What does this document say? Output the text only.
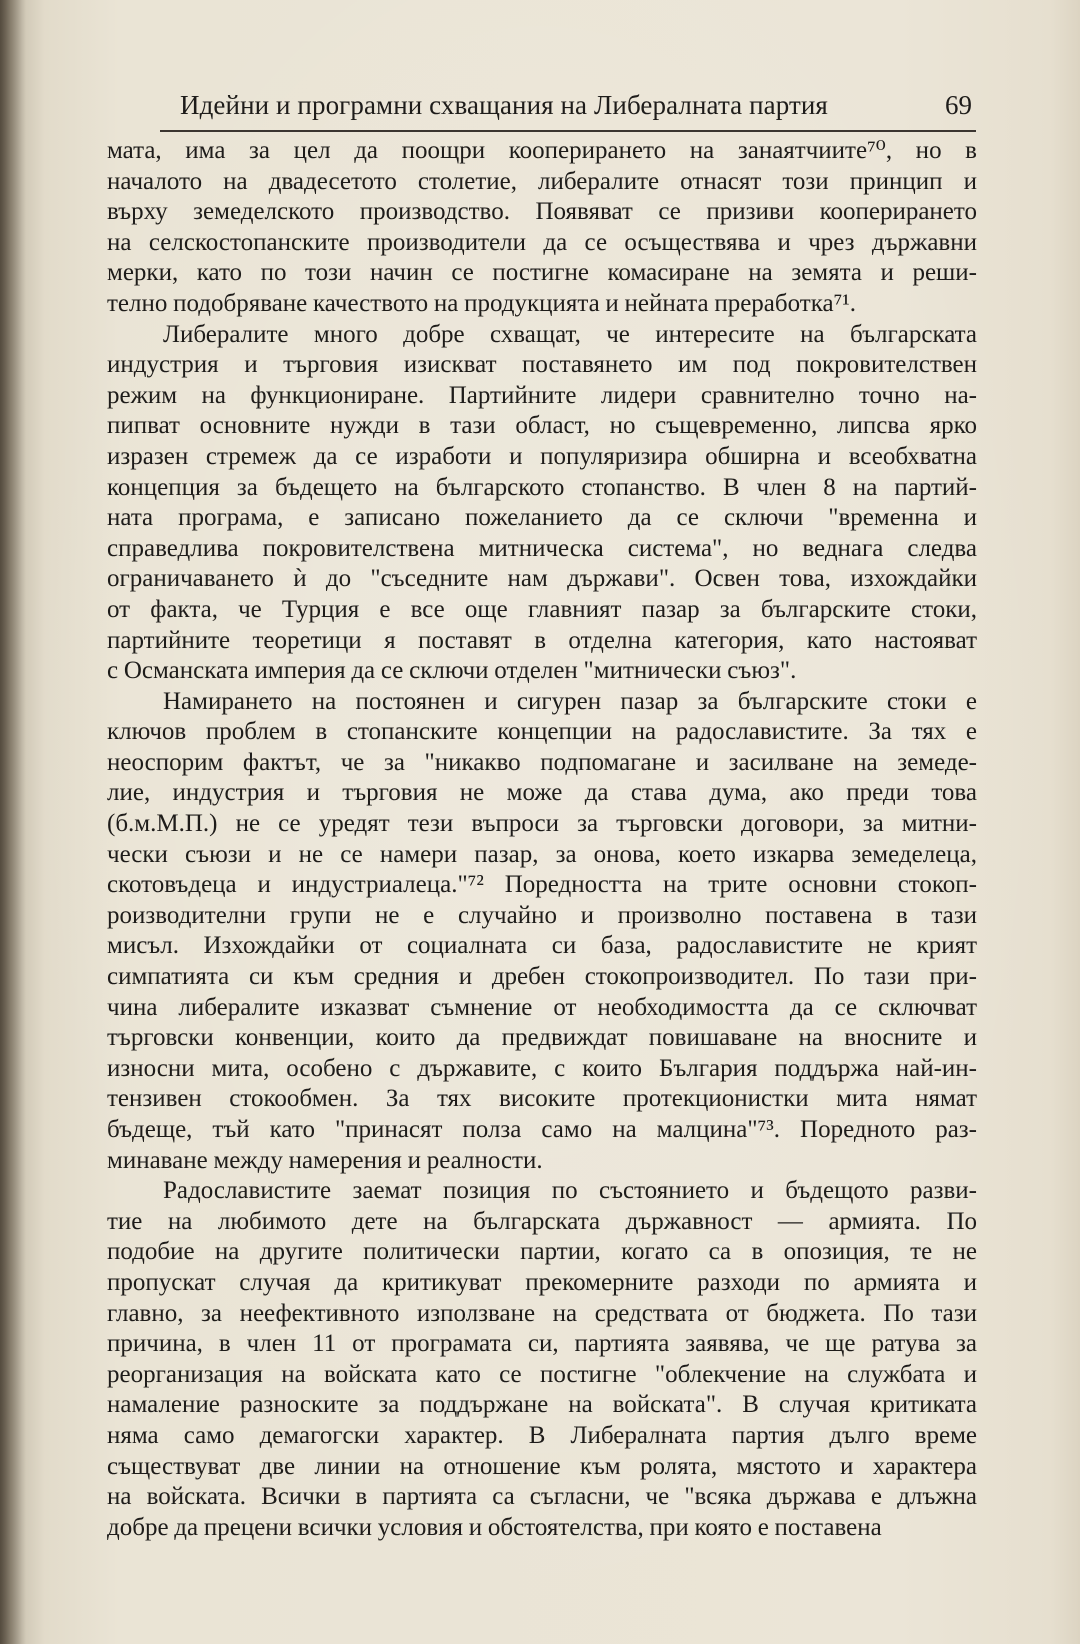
Идейни и програмни схващания на Либералната партия	69
мата, има за цел да поощри кооперирането на занаятчиите⁷⁰, но в
началото на двадесетото столетие, либералите отнасят този принцип и
върху земеделското производство. Появяват се призиви кооперирането
на селскостопанските производители да се осъществява и чрез държавни
мерки, като по този начин се постигне комасиране на земята и реши-
телно подобряване качеството на продукцията и нейната преработка⁷¹.
Либералите много добре схващат, че интересите на българската
индустрия и търговия изискват поставянето им под покровителствен
режим на функциониране. Партийните лидери сравнително точно на-
пипват основните нужди в тази област, но същевременно, липсва ярко
изразен стремеж да се изработи и популяризира обширна и всеобхватна
концепция за бъдещето на българското стопанство. В член 8 на партий-
ната програма, е записано пожеланието да се сключи "временна и
справедлива покровителствена митническа система", но веднага следва
ограничаването ѝ до "съседните нам държави". Освен това, изхождайки
от факта, че Турция е все още главният пазар за българските стоки,
партийните теоретици я поставят в отделна категория, като настояват
с Османската империя да се сключи отделен "митнически съюз".
Намирането на постоянен и сигурен пазар за българските стоки е
ключов проблем в стопанските концепции на радославистите. За тях е
неоспорим фактът, че за "никакво подпомагане и засилване на земеде-
лие, индустрия и търговия не може да става дума, ако преди това
(б.м.М.П.) не се уредят тези въпроси за търговски договори, за митни-
чески съюзи и не се намери пазар, за онова, което изкарва земеделеца,
скотовъдеца и индустриалеца."⁷² Поредността на трите основни стокоп-
роизводителни групи не е случайно и произволно поставена в тази
мисъл. Изхождайки от социалната си база, радославистите не крият
симпатията си към средния и дребен стокопроизводител. По тази при-
чина либералите изказват съмнение от необходимостта да се сключват
търговски конвенции, които да предвиждат повишаване на вносните и
износни мита, особено с държавите, с които България поддържа най-ин-
тензивен стокообмен. За тях високите протекционистки мита нямат
бъдеще, тъй като "принасят полза само на малцина"⁷³. Поредното раз-
минаване между намерения и реалности.
Радославистите заемат позиция по състоянието и бъдещото разви-
тие на любимото дете на българската държавност — армията. По
подобие на другите политически партии, когато са в опозиция, те не
пропускат случая да критикуват прекомерните разходи по армията и
главно, за неефективното използване на средствата от бюджета. По тази
причина, в член 11 от програмата си, партията заявява, че ще ратува за
реорганизация на войската като се постигне "облекчение на службата и
намаление разноските за поддържане на войската". В случая критиката
няма само демагогски характер. В Либералната партия дълго време
съществуват две линии на отношение към ролята, мястото и характера
на войската. Всички в партията са съгласни, че "всяка държава е длъжна
добре да прецени всички условия и обстоятелства, при която е поставена
